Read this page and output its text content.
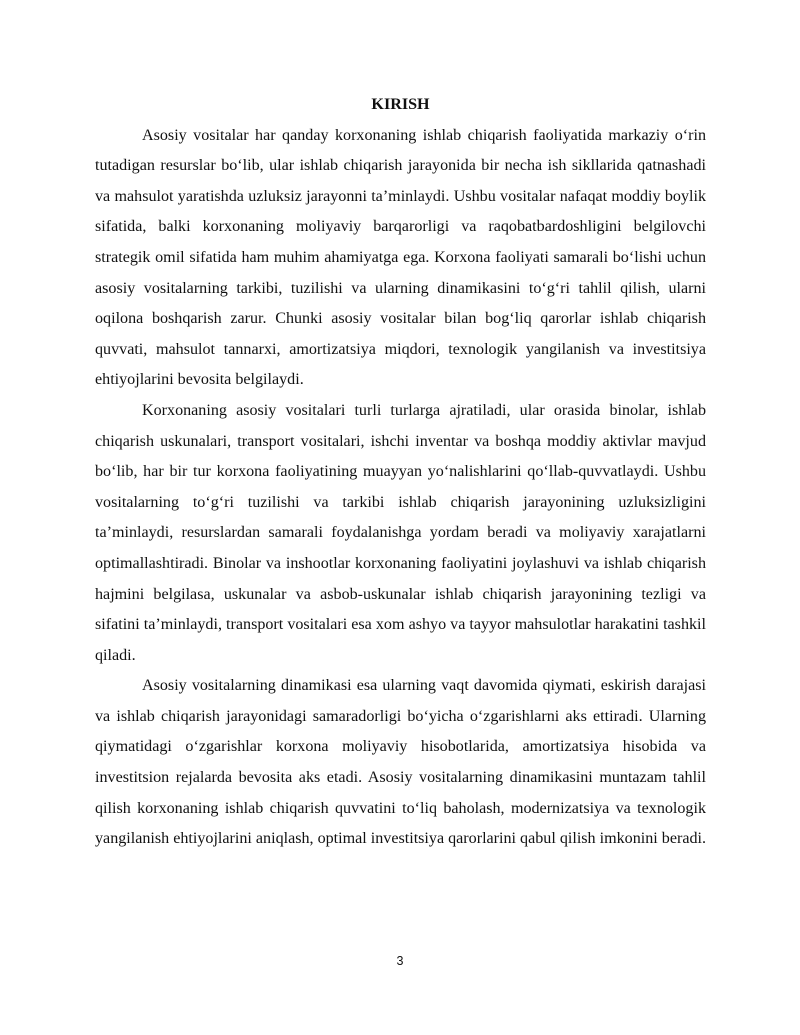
KIRISH

Asosiy vositalar har qanday korxonaning ishlab chiqarish faoliyatida markaziy o‘rin tutadigan resurslar bo‘lib, ular ishlab chiqarish jarayonida bir necha ish sikllarida qatnashadi va mahsulot yaratishda uzluksiz jarayonni ta’minlaydi. Ushbu vositalar nafaqat moddiy boylik sifatida, balki korxonaning moliyaviy barqarorligi va raqobatbardoshligini belgilovchi strategik omil sifatida ham muhim ahamiyatga ega. Korxona faoliyati samarali bo‘lishi uchun asosiy vositalarning tarkibi, tuzilishi va ularning dinamikasini to‘g‘ri tahlil qilish, ularni oqilona boshqarish zarur. Chunki asosiy vositalar bilan bog‘liq qarorlar ishlab chiqarish quvvati, mahsulot tannarxi, amortizatsiya miqdori, texnologik yangilanish va investitsiya ehtiyojlarini bevosita belgilaydi.

Korxonaning asosiy vositalari turli turlarga ajratiladi, ular orasida binolar, ishlab chiqarish uskunalari, transport vositalari, ishchi inventar va boshqa moddiy aktivlar mavjud bo‘lib, har bir tur korxona faoliyatining muayyan yo‘nalishlarini qo‘llab-quvvatlaydi. Ushbu vositalarning to‘g‘ri tuzilishi va tarkibi ishlab chiqarish jarayonining uzluksizligini ta’minlaydi, resurslardan samarali foydalanishga yordam beradi va moliyaviy xarajatlarni optimallashtiradi. Binolar va inshootlar korxonaning faoliyatini joylashuvi va ishlab chiqarish hajmini belgilasa, uskunalar va asbob-uskunalar ishlab chiqarish jarayonining tezligi va sifatini ta’minlaydi, transport vositalari esa xom ashyo va tayyor mahsulotlar harakatini tashkil qiladi.

Asosiy vositalarning dinamikasi esa ularning vaqt davomida qiymati, eskirish darajasi va ishlab chiqarish jarayonidagi samaradorligi bo‘yicha o‘zgarishlarni aks ettiradi. Ularning qiymatidagi o‘zgarishlar korxona moliyaviy hisobotlarida, amortizatsiya hisobida va investitsion rejalarda bevosita aks etadi. Asosiy vositalarning dinamikasini muntazam tahlil qilish korxonaning ishlab chiqarish quvvatini to‘liq baholash, modernizatsiya va texnologik yangilanish ehtiyojlarini aniqlash, optimal investitsiya qarorlarini qabul qilish imkonini beradi.

3
